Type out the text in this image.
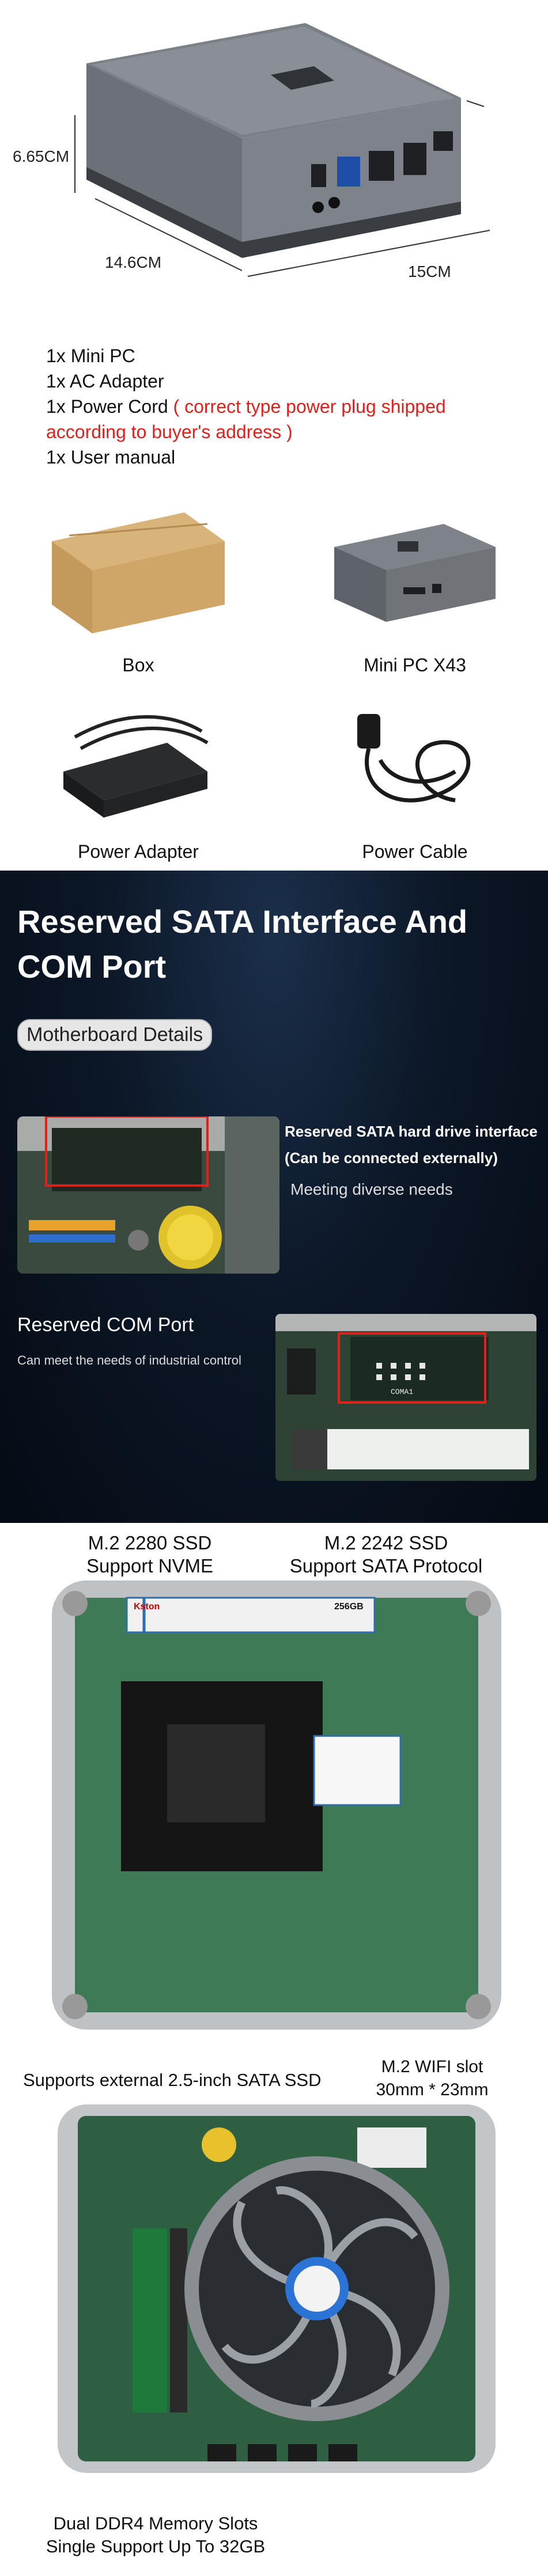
6.65CM
14.6CM
15CM

1x Mini PC

1x AC Adapter

1x Power Cord ( correct type power plug shipped

according to buyer's address )

1x User manual

Box	Mini PC X43
Power Adapter	Power Cable
Reserved SATA Interface And
COM Port
Motherboard Details
Reserved SATA hard drive interface
(Can be connected externally)
Meeting diverse needs
Reserved COM Port
Can meet the needs of industrial control
COMA1
M.2 2280 SSD
Support NVME
M.2 2242 SSD
Support SATA Protocol
Kston	256GB
Supports external 2.5-inch SATA SSD
M.2 WIFI slot
30mm * 23mm
Dual DDR4 Memory Slots
Single Support Up To 32GB
